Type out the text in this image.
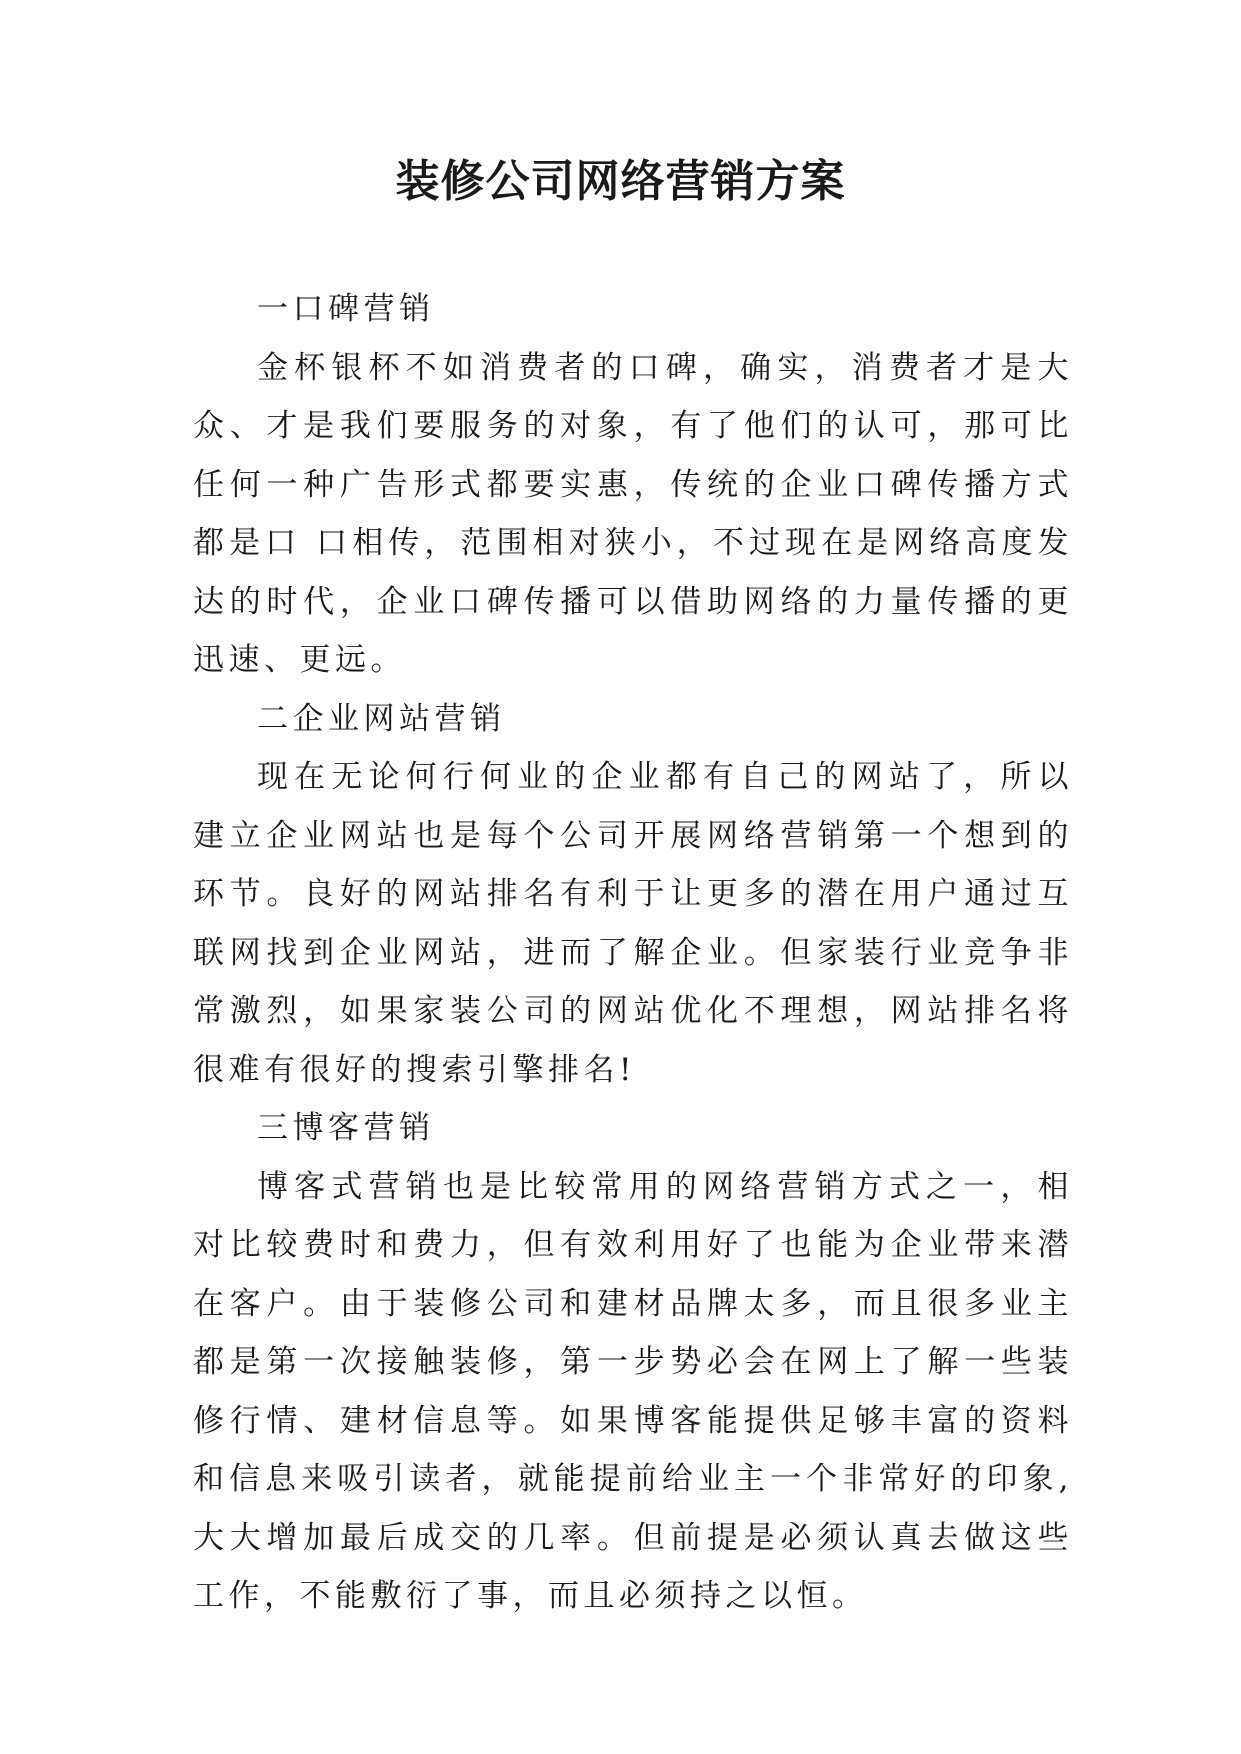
装修公司网络营销方案
一口碑营销

金杯银杯不如消费者的口碑，确实，消费者才是大众、才是我们要服务的对象，有了他们的认可，那可比任何一种广告形式都要实惠，传统的企业口碑传播方式都是口 口相传，范围相对狭小，不过现在是网络高度发达的时代，企业口碑传播可以借助网络的力量传播的更迅速、更远。

二企业网站营销

现在无论何行何业的企业都有自己的网站了，所以建立企业网站也是每个公司开展网络营销第一个想到的环节。良好的网站排名有利于让更多的潜在用户通过互联网找到企业网站，进而了解企业。但家装行业竞争非常激烈，如果家装公司的网站优化不理想，网站排名将很难有很好的搜索引擎排名!

三博客营销

博客式营销也是比较常用的网络营销方式之一，相对比较费时和费力，但有效利用好了也能为企业带来潜在客户。由于装修公司和建材品牌太多，而且很多业主都是第一次接触装修，第一步势必会在网上了解一些装修行情、建材信息等。如果博客能提供足够丰富的资料和信息来吸引读者，就能提前给业主一个非常好的印象,大大增加最后成交的几率。但前提是必须认真去做这些工作，不能敷衍了事，而且必须持之以恒。
